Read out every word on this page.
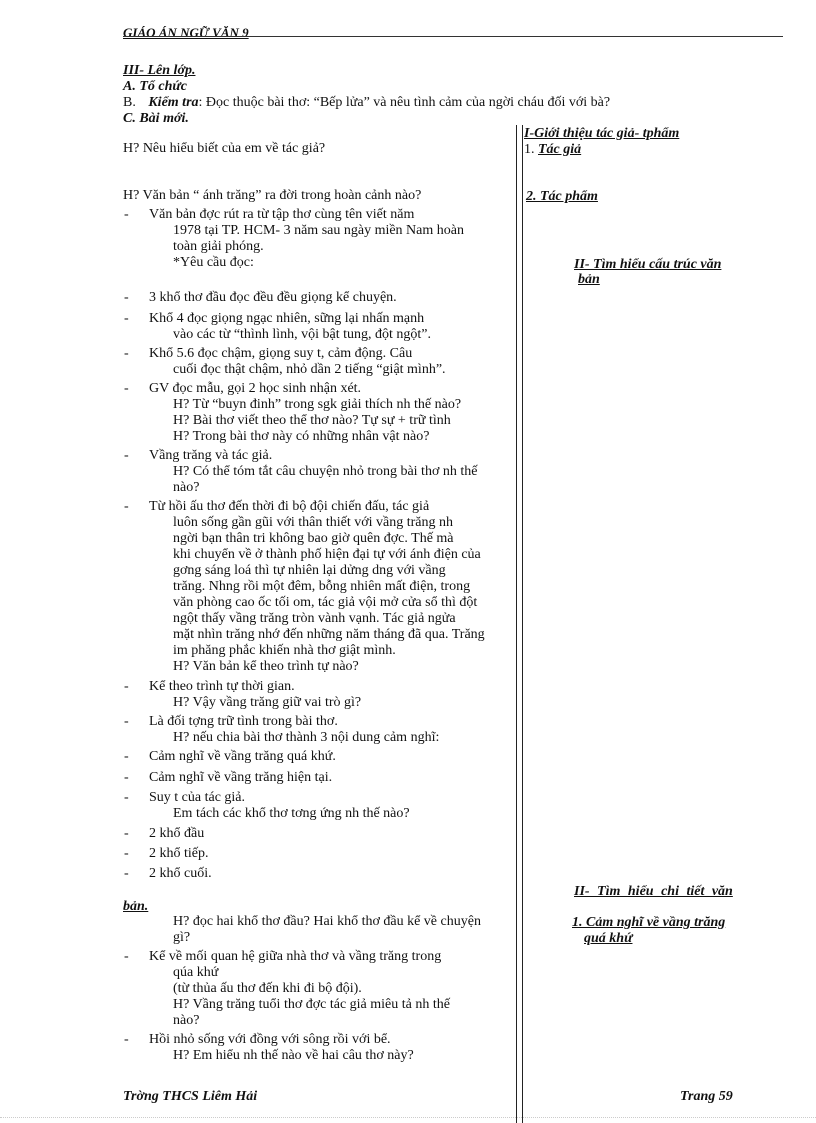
GIÁO ÁN NGỮ VĂN 9
III- Lên lớp.
A. Tổ chức
B. Kiểm tra: Đọc thuộc bài thơ: “Bếp lửa” và nêu tình cảm của ngời cháu đối với bà?
C. Bài mới.
I-Giới thiệu tác giả- tphẩm
1. Tác giả
2. Tác phẩm
II- Tìm hiểu cấu trúc văn
bản
II- Tìm hiểu chi tiết văn
1. Cảm nghĩ về vầng trăng
quá khứ
H? Nêu hiểu biết của em về tác giả?
H? Văn bản “ ánh trăng” ra đời trong hoàn cảnh nào?
- Văn bản đợc rút ra từ tập thơ cùng tên viết năm
1978 tại TP. HCM- 3 năm sau ngày miền Nam hoàn
toàn giải phóng.
*Yêu cầu đọc:
- 3 khổ thơ đầu đọc đều đều giọng kể chuyện.
- Khổ 4 đọc giọng ngạc nhiên, sững lại nhấn mạnh
vào các từ “thình lình, vội bật tung, đột ngột”.
- Khổ 5.6 đọc chậm, giọng suy t, cảm động. Câu
cuối đọc thật chậm, nhỏ dần 2 tiếng “giật mình”.
- GV đọc mẫu, gọi 2 học sinh nhận xét.
H? Từ “buyn đinh” trong sgk giải thích nh thế nào?
H? Bài thơ viết theo thể thơ nào? Tự sự + trữ tình
H? Trong bài thơ này có những nhân vật nào?
- Vầng trăng và tác giả.
H? Có thể tóm tắt câu chuyện nhỏ trong bài thơ nh thế
nào?
- Từ hồi ấu thơ đến thời đi bộ đội chiến đấu, tác giả
luôn sống gần gũi với thân thiết với vầng trăng nh
ngời bạn thân tri không bao giờ quên đợc. Thế mà
khi chuyển về ở thành phố hiện đại tự với ánh điện của
gơng sáng loá thì tự nhiên lại dửng dng với vầng
trăng. Nhng rồi một đêm, bỗng nhiên mất điện, trong
văn phòng cao ốc tối om, tác giả vội mở cửa sổ thì đột
ngột thấy vầng trăng tròn vành vạnh. Tác giả ngửa
mặt nhìn trăng nhớ đến những năm tháng đã qua. Trăng
im phăng phắc khiến nhà thơ giật mình.
H? Văn bản kể theo trình tự nào?
- Kể theo trình tự thời gian.
H? Vậy vầng trăng giữ vai trò gì?
- Là đối tợng trữ tình trong bài thơ.
H? nếu chia bài thơ thành 3 nội dung cảm nghĩ:
- Cảm nghĩ về vầng trăng quá khứ.
- Cảm nghĩ về vầng trăng hiện tại.
- Suy t của tác giả.
Em tách các khổ thơ tơng ứng nh thế nào?
- 2 khổ đầu
- 2 khổ tiếp.
- 2 khổ cuối.
bản.
H? đọc hai khổ thơ đầu? Hai khổ thơ đầu kể về chuyện
gì?
- Kể về mối quan hệ giữa nhà thơ và vầng trăng trong
qúa khứ
(từ thủa ấu thơ đến khi đi bộ đội).
H? Vầng trăng tuổi thơ đợc tác giả miêu tả nh thế
nào?
- Hồi nhỏ sống với đồng với sông rồi với bể.
H? Em hiểu nh thế nào về hai câu thơ này?
Trờng THCS Liêm Hải	Trang 59
